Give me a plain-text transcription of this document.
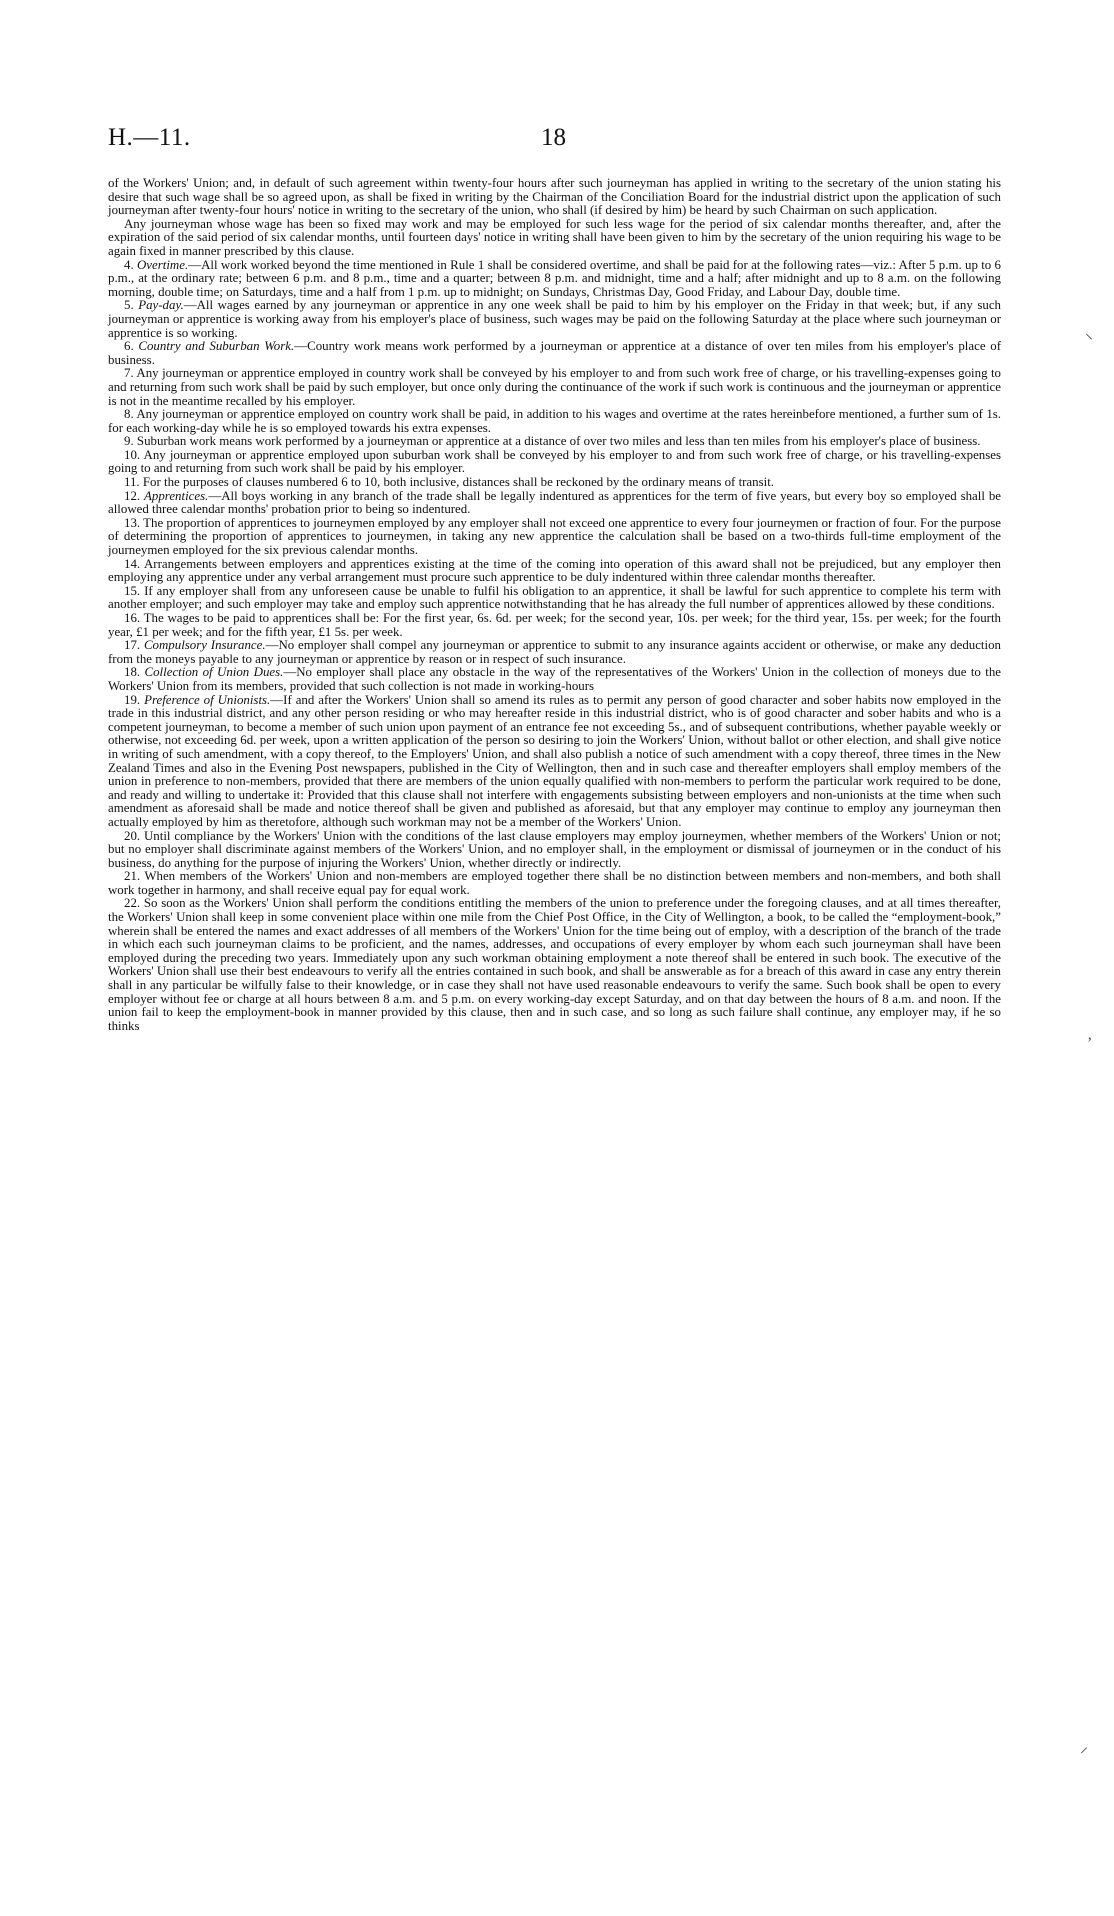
H.—11.	18
⸌
ʼ
⸝

of the Workers' Union; and, in default of such agreement within twenty-four hours after such journeyman has applied in writing to the secretary of the union stating his desire that such wage shall be so agreed upon, as shall be fixed in writing by the Chairman of the Conciliation Board for the industrial district upon the application of such journeyman after twenty-four hours' notice in writing to the secretary of the union, who shall (if desired by him) be heard by such Chairman on such application.

Any journeyman whose wage has been so fixed may work and may be employed for such less wage for the period of six calendar months thereafter, and, after the expiration of the said period of six calendar months, until fourteen days' notice in writing shall have been given to him by the secretary of the union requiring his wage to be again fixed in manner prescribed by this clause.

4. Overtime.—All work worked beyond the time mentioned in Rule 1 shall be considered overtime, and shall be paid for at the following rates—viz.: After 5 p.m. up to 6 p.m., at the ordinary rate; between 6 p.m. and 8 p.m., time and a quarter; between 8 p.m. and midnight, time and a half; after midnight and up to 8 a.m. on the following morning, double time; on Saturdays, time and a half from 1 p.m. up to midnight; on Sundays, Christmas Day, Good Friday, and Labour Day, double time.

5. Pay-day.—All wages earned by any journeyman or apprentice in any one week shall be paid to him by his employer on the Friday in that week; but, if any such journeyman or apprentice is working away from his employer's place of business, such wages may be paid on the following Saturday at the place where such journeyman or apprentice is so working.

6. Country and Suburban Work.—Country work means work performed by a journeyman or apprentice at a distance of over ten miles from his employer's place of business.

7. Any journeyman or apprentice employed in country work shall be conveyed by his employer to and from such work free of charge, or his travelling-expenses going to and returning from such work shall be paid by such employer, but once only during the continuance of the work if such work is continuous and the journeyman or apprentice is not in the meantime recalled by his employer.

8. Any journeyman or apprentice employed on country work shall be paid, in addition to his wages and overtime at the rates hereinbefore mentioned, a further sum of 1s. for each working-day while he is so employed towards his extra expenses.

9. Suburban work means work performed by a journeyman or apprentice at a distance of over two miles and less than ten miles from his employer's place of business.

10. Any journeyman or apprentice employed upon suburban work shall be conveyed by his employer to and from such work free of charge, or his travelling-expenses going to and returning from such work shall be paid by his employer.

11. For the purposes of clauses numbered 6 to 10, both inclusive, distances shall be reckoned by the ordinary means of transit.

12. Apprentices.—All boys working in any branch of the trade shall be legally indentured as apprentices for the term of five years, but every boy so employed shall be allowed three calendar months' probation prior to being so indentured.

13. The proportion of apprentices to journeymen employed by any employer shall not exceed one apprentice to every four journeymen or fraction of four. For the purpose of determining the proportion of apprentices to journeymen, in taking any new apprentice the calculation shall be based on a two-thirds full-time employment of the journeymen employed for the six previous calendar months.

14. Arrangements between employers and apprentices existing at the time of the coming into operation of this award shall not be prejudiced, but any employer then employing any apprentice under any verbal arrangement must procure such apprentice to be duly indentured within three calendar months thereafter.

15. If any employer shall from any unforeseen cause be unable to fulfil his obligation to an apprentice, it shall be lawful for such apprentice to complete his term with another employer; and such employer may take and employ such apprentice notwithstanding that he has already the full number of apprentices allowed by these conditions.

16. The wages to be paid to apprentices shall be: For the first year, 6s. 6d. per week; for the second year, 10s. per week; for the third year, 15s. per week; for the fourth year, £1 per week; and for the fifth year, £1 5s. per week.

17. Compulsory Insurance.—No employer shall compel any journeyman or apprentice to submit to any insurance againts accident or otherwise, or make any deduction from the moneys payable to any journeyman or apprentice by reason or in respect of such insurance.

18. Collection of Union Dues.—No employer shall place any obstacle in the way of the representatives of the Workers' Union in the collection of moneys due to the Workers' Union from its members, provided that such collection is not made in working-hours

19. Preference of Unionists.—If and after the Workers' Union shall so amend its rules as to permit any person of good character and sober habits now employed in the trade in this industrial district, and any other person residing or who may hereafter reside in this industrial district, who is of good character and sober habits and who is a competent journeyman, to become a member of such union upon payment of an entrance fee not exceeding 5s., and of subsequent contributions, whether payable weekly or otherwise, not exceeding 6d. per week, upon a written application of the person so desiring to join the Workers' Union, without ballot or other election, and shall give notice in writing of such amendment, with a copy thereof, to the Employers' Union, and shall also publish a notice of such amendment with a copy thereof, three times in the New Zealand Times and also in the Evening Post newspapers, published in the City of Wellington, then and in such case and thereafter employers shall employ members of the union in preference to non-members, provided that there are members of the union equally qualified with non-members to perform the particular work required to be done, and ready and willing to undertake it: Provided that this clause shall not interfere with engagements subsisting between employers and non-unionists at the time when such amendment as aforesaid shall be made and notice thereof shall be given and published as aforesaid, but that any employer may continue to employ any journeyman then actually employed by him as theretofore, although such workman may not be a member of the Workers' Union.

20. Until compliance by the Workers' Union with the conditions of the last clause employers may employ journeymen, whether members of the Workers' Union or not; but no employer shall discriminate against members of the Workers' Union, and no employer shall, in the employment or dismissal of journeymen or in the conduct of his business, do anything for the purpose of injuring the Workers' Union, whether directly or indirectly.

21. When members of the Workers' Union and non-members are employed together there shall be no distinction between members and non-members, and both shall work together in harmony, and shall receive equal pay for equal work.

22. So soon as the Workers' Union shall perform the conditions entitling the members of the union to preference under the foregoing clauses, and at all times thereafter, the Workers' Union shall keep in some convenient place within one mile from the Chief Post Office, in the City of Wellington, a book, to be called the “employment-book,” wherein shall be entered the names and exact addresses of all members of the Workers' Union for the time being out of employ, with a description of the branch of the trade in which each such journeyman claims to be proficient, and the names, addresses, and occupations of every employer by whom each such journeyman shall have been employed during the preceding two years. Immediately upon any such workman obtaining employment a note thereof shall be entered in such book. The executive of the Workers' Union shall use their best endeavours to verify all the entries contained in such book, and shall be answerable as for a breach of this award in case any entry therein shall in any particular be wilfully false to their knowledge, or in case they shall not have used reasonable endeavours to verify the same. Such book shall be open to every employer without fee or charge at all hours between 8 a.m. and 5 p.m. on every working-day except Saturday, and on that day between the hours of 8 a.m. and noon. If the union fail to keep the employment-book in manner provided by this clause, then and in such case, and so long as such failure shall continue, any employer may, if he so thinks
